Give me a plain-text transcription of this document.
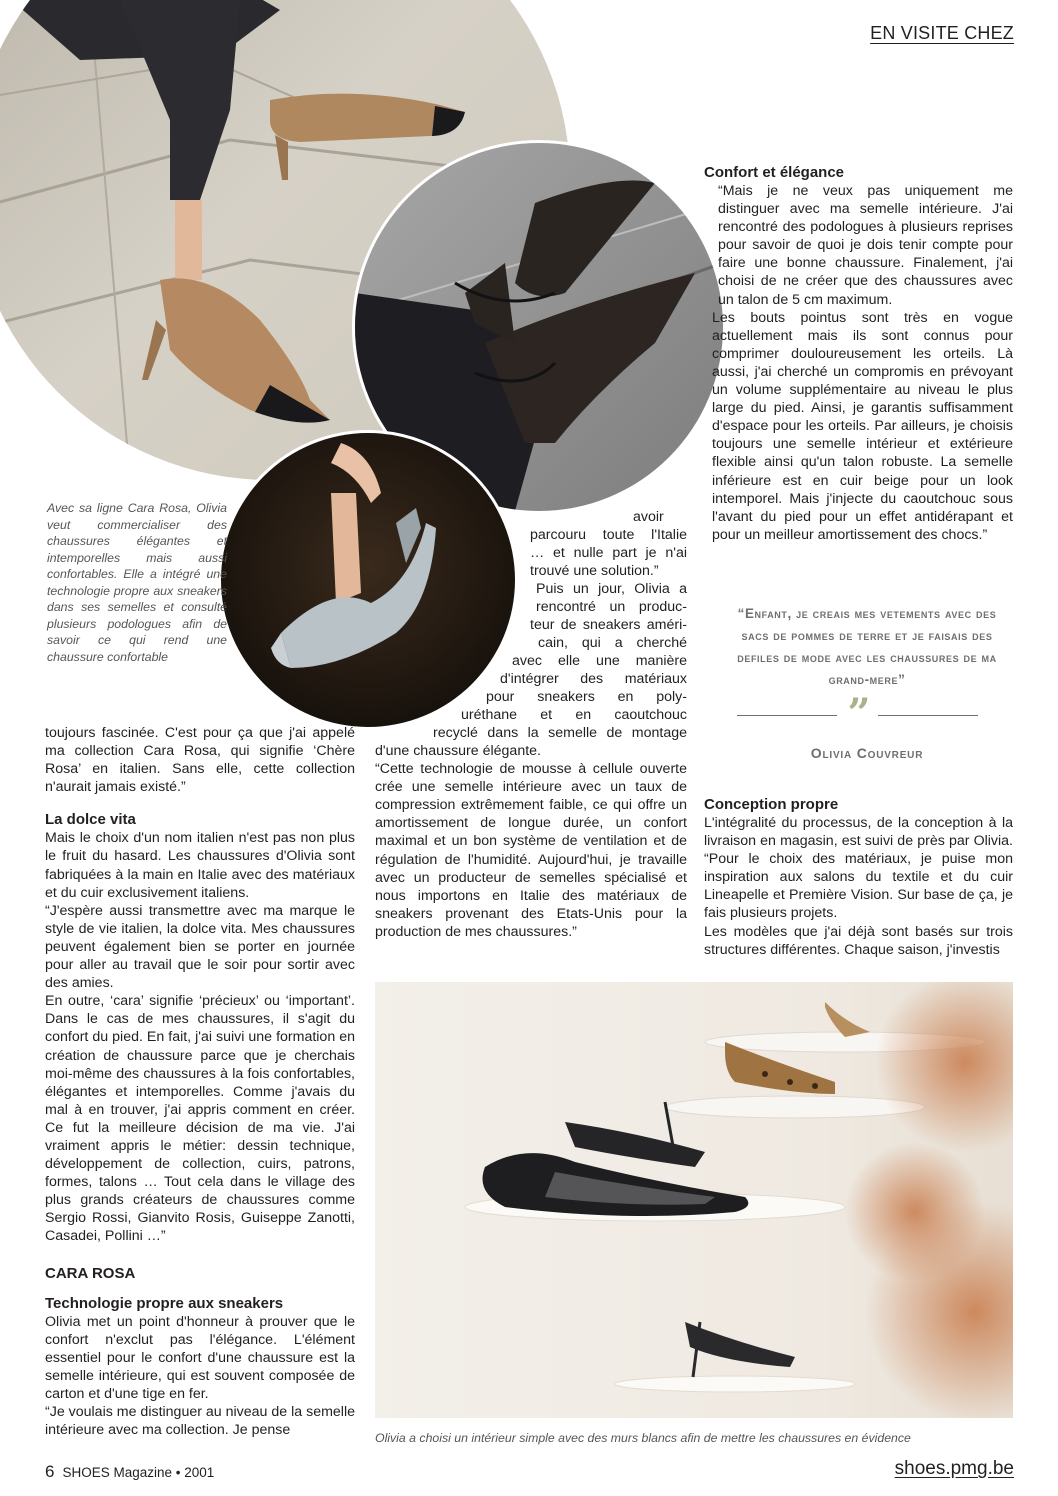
EN VISITE CHEZ
Avec sa ligne Cara Rosa, Olivia veut commercialiser des chaussures élégantes et intemporelles mais aussi confortables. Elle a intégré une technologie propre aux sneakers dans ses semelles et consulté plusieurs podologues afin de savoir ce qui rend une chaussure confortable
avoir
parcouru toute l'Italie
… et nulle part je n'ai
trouvé une solution.”
Puis un jour, Olivia a
rencontré un produc-
teur de sneakers améri-
cain, qui a cherché
avec elle une manière
d'intégrer des matériaux
pour sneakers en poly-
uréthane et en caoutchouc
recyclé dans la semelle de montage

d'une chaussure élégante.

“Cette technologie de mousse à cellule ouverte crée une semelle intérieure avec un taux de compression extrêmement faible, ce qui offre un amortissement de longue durée, un confort maximal et un bon système de ventilation et de régulation de l'humidité. Aujourd'hui, je travaille avec un producteur de semelles spécialisé et nous importons en Italie des matériaux de sneakers provenant des Etats-Unis pour la production de mes chaussures.”

toujours fascinée. C'est pour ça que j'ai appelé ma collection Cara Rosa, qui signifie ‘Chère Rosa’ en italien. Sans elle, cette collection n'aurait jamais existé.”

La dolce vita

Mais le choix d'un nom italien n'est pas non plus le fruit du hasard. Les chaussures d'Olivia sont fabriquées à la main en Italie avec des matériaux et du cuir exclusivement italiens.

“J'espère aussi transmettre avec ma marque le style de vie italien, la dolce vita. Mes chaussures peuvent également bien se porter en journée pour aller au travail que le soir pour sortir avec des amies.

En outre, ‘cara’ signifie ‘précieux’ ou ‘important’. Dans le cas de mes chaussures, il s'agit du confort du pied. En fait, j'ai suivi une formation en création de chaussure parce que je cherchais moi-même des chaussures à la fois confortables, élégantes et intemporelles. Comme j'avais du mal à en trouver, j'ai appris comment en créer. Ce fut la meilleure décision de ma vie. J'ai vraiment appris le métier: dessin technique, développement de collection, cuirs, patrons, formes, talons … Tout cela dans le village des plus grands créateurs de chaussures comme Sergio Rossi, Gianvito Rosis, Guiseppe Zanotti, Casadei, Pollini …”

CARA ROSA
Technologie propre aux sneakers

Olivia met un point d'honneur à prouver que le confort n'exclut pas l'élégance. L'élément essentiel pour le confort d'une chaussure est la semelle intérieure, qui est souvent composée de carton et d'une tige en fer.

“Je voulais me distinguer au niveau de la semelle intérieure avec ma collection. Je pense

Confort et élégance

“Mais je ne veux pas uniquement me distinguer avec ma semelle intérieure. J'ai rencontré des podologues à plusieurs reprises pour savoir de quoi je dois tenir compte pour faire une bonne chaussure. Finalement, j'ai choisi de ne créer que des chaussures avec un talon de 5 cm maximum.

Les bouts pointus sont très en vogue actuellement mais ils sont connus pour comprimer douloureusement les orteils. Là aussi, j'ai cherché un compromis en prévoyant un volume supplémentaire au niveau le plus large du pied. Ainsi, je garantis suffisamment d'espace pour les orteils. Par ailleurs, je choisis toujours une semelle intérieur et extérieure flexible ainsi qu'un talon robuste. La semelle inférieure est en cuir beige pour un look intemporel. Mais j'injecte du caoutchouc sous l'avant du pied pour un effet antidérapant et pour un meilleur amortissement des chocs.”

“Enfant, je creais mes vetements avec des sacs de pommes de terre et je faisais des defiles de mode avec les chaussures de ma grand-mere”
”
Olivia Couvreur
Conception propre

L'intégralité du processus, de la conception à la livraison en magasin, est suivi de près par Olivia. “Pour le choix des matériaux, je puise mon inspiration aux salons du textile et du cuir Lineapelle et Première Vision. Sur base de ça, je fais plusieurs projets.

Les modèles que j'ai déjà sont basés sur trois structures différentes. Chaque saison, j'investis

Olivia a choisi un intérieur simple avec des murs blancs afin de mettre les chaussures en évidence
6 SHOES Magazine • 2001	shoes.pmg.be
